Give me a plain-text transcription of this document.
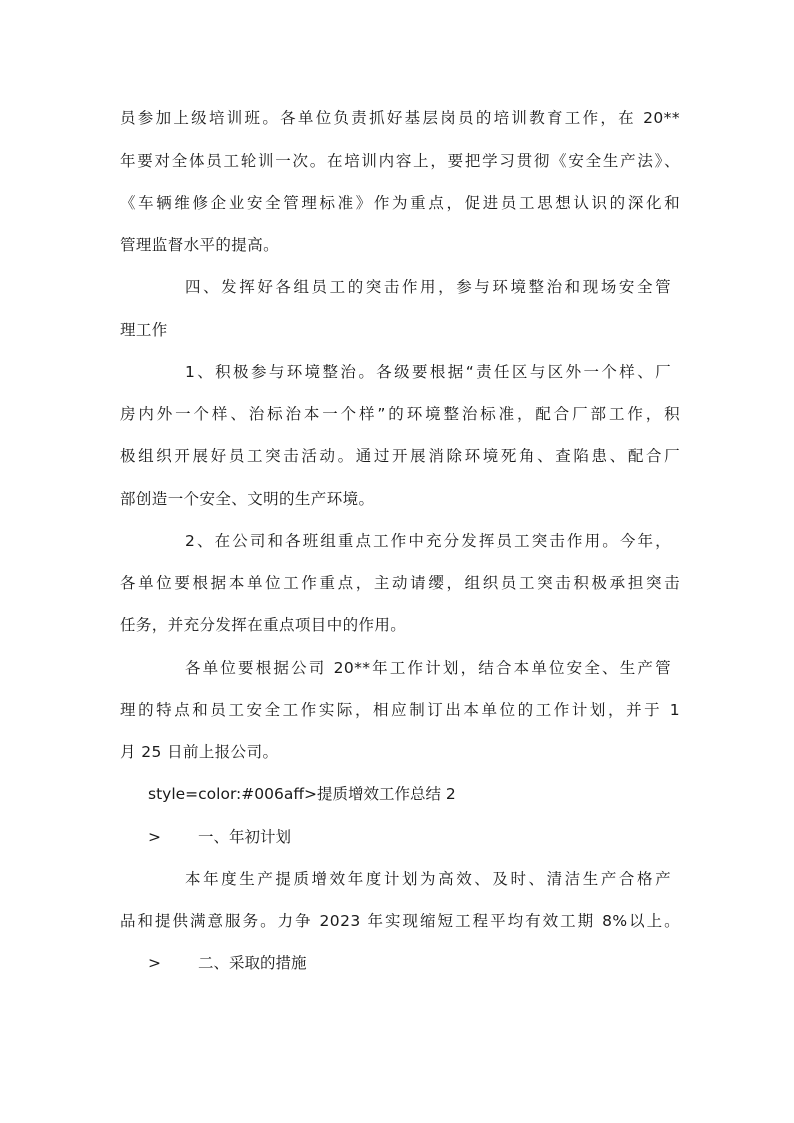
员参加上级培训班。各单位负责抓好基层岗员的培训教育工作，在 20**
年要对全体员工轮训一次。在培训内容上，要把学习贯彻《安全生产法》、
《车辆维修企业安全管理标准》作为重点，促进员工思想认识的深化和
管理监督水平的提高。
四、发挥好各组员工的突击作用，参与环境整治和现场安全管
理工作
1、积极参与环境整治。各级要根据“责任区与区外一个样、厂
房内外一个样、治标治本一个样”的环境整治标准，配合厂部工作，积
极组织开展好员工突击活动。通过开展消除环境死角、查陷患、配合厂
部创造一个安全、文明的生产环境。
2、在公司和各班组重点工作中充分发挥员工突击作用。今年，
各单位要根据本单位工作重点，主动请缨，组织员工突击积极承担突击
任务，并充分发挥在重点项目中的作用。
各单位要根据公司 20**年工作计划，结合本单位安全、生产管
理的特点和员工安全工作实际，相应制订出本单位的工作计划，并于 1
月 25 日前上报公司。
style=color:#006aff>提质增效工作总结 2
> 一、年初计划
本年度生产提质增效年度计划为高效、及时、清洁生产合格产
品和提供满意服务。力争 2023 年实现缩短工程平均有效工期 8%以上。
> 二、采取的措施
